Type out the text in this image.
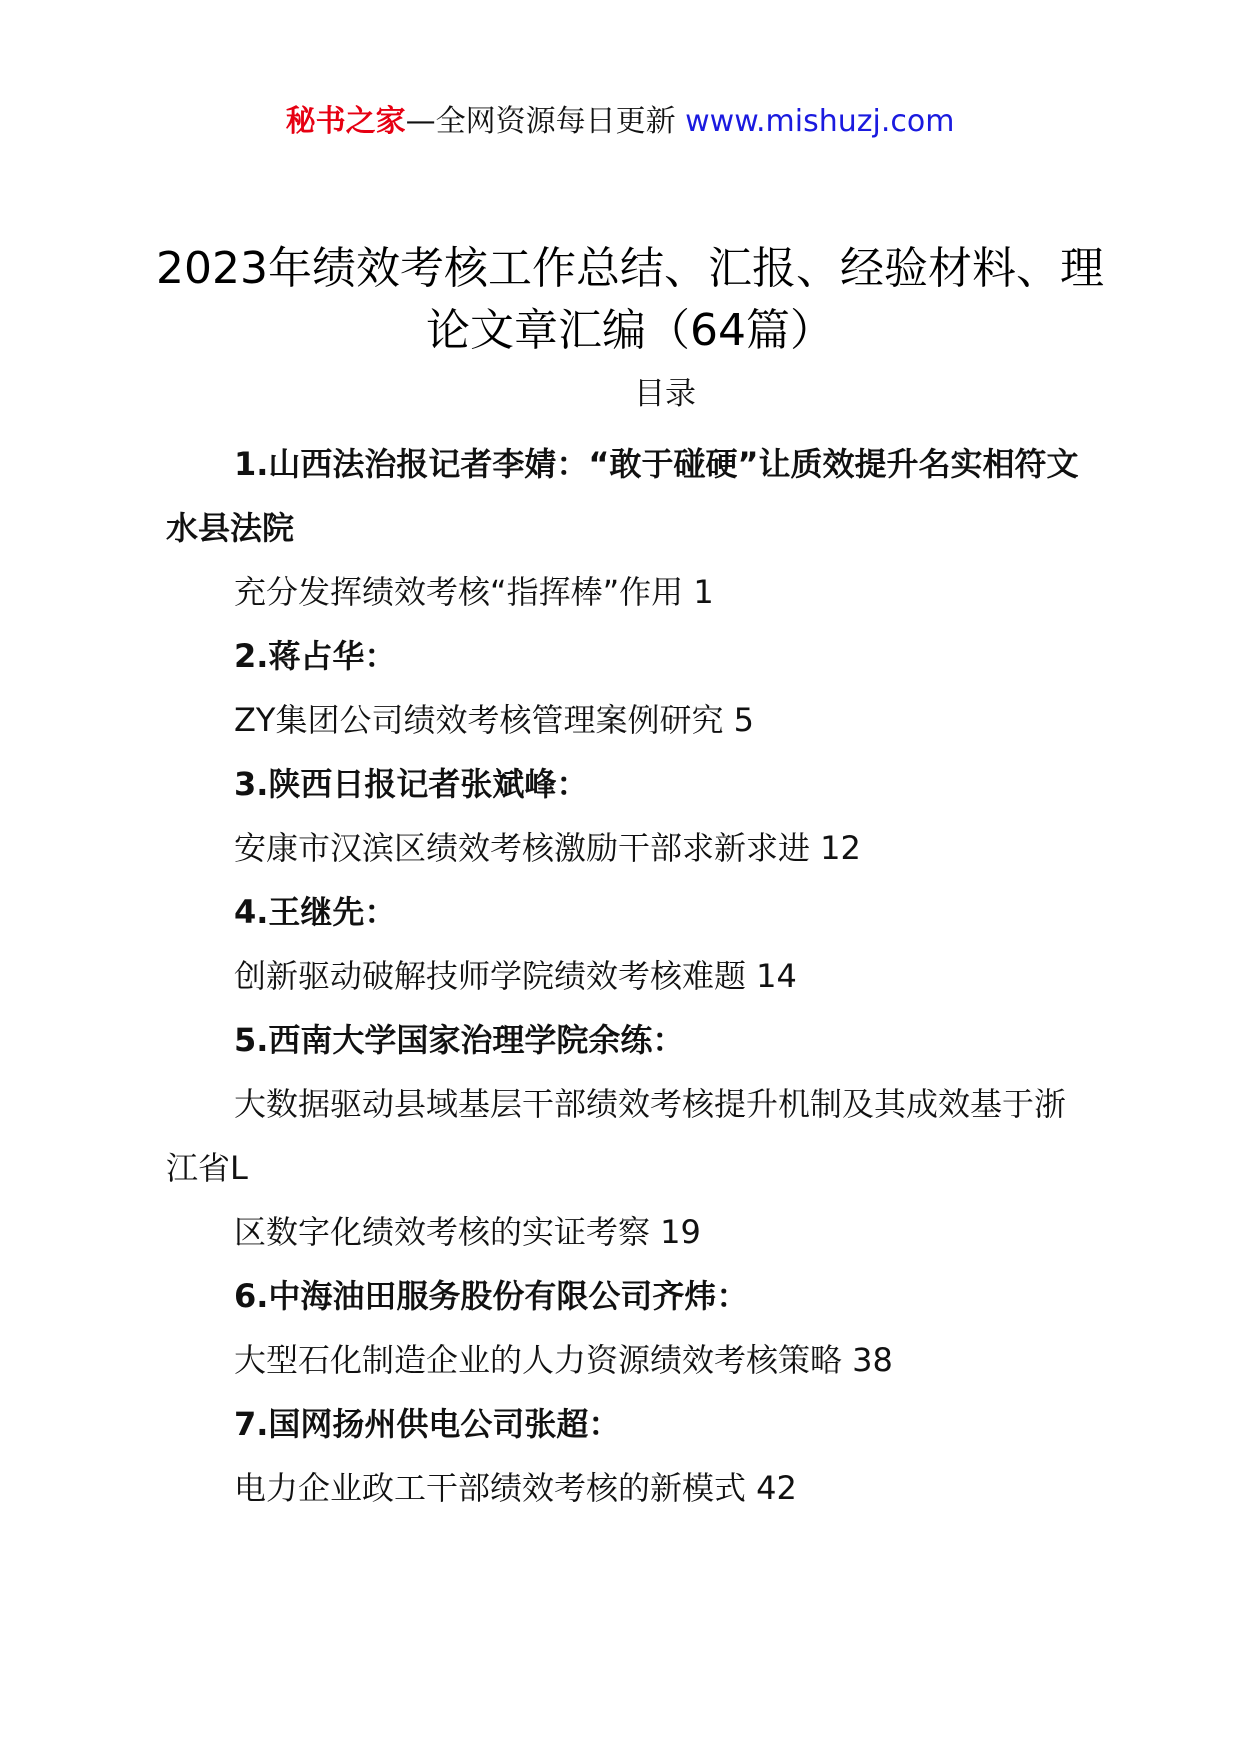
秘书之家—全网资源每日更新 www.mishuzj.com
2023年绩效考核工作总结、汇报、经验材料、理论文章汇编（64篇）
目录

1.山西法治报记者李婧：“敢于碰硬”让质效提升名实相符文水县法院

充分发挥绩效考核“指挥棒”作用 1

2.蒋占华：

ZY集团公司绩效考核管理案例研究 5

3.陕西日报记者张斌峰：

安康市汉滨区绩效考核激励干部求新求进 12

4.王继先：

创新驱动破解技师学院绩效考核难题 14

5.西南大学国家治理学院余练：

大数据驱动县域基层干部绩效考核提升机制及其成效基于浙江省L

区数字化绩效考核的实证考察 19

6.中海油田服务股份有限公司齐炜：

大型石化制造企业的人力资源绩效考核策略 38

7.国网扬州供电公司张超：

电力企业政工干部绩效考核的新模式 42
